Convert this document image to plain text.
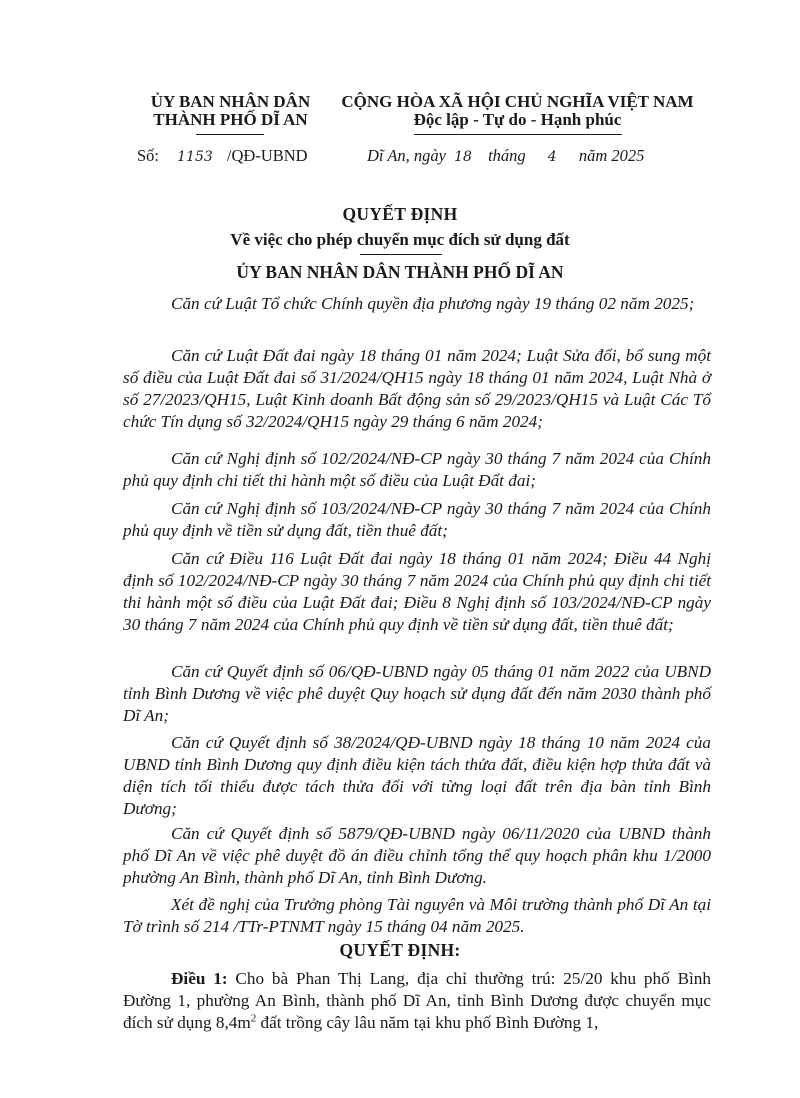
ỦY BAN NHÂN DÂN
THÀNH PHỐ DĨ AN
CỘNG HÒA XÃ HỘI CHỦ NGHĨA VIỆT NAM
Độc lập - Tự do - Hạnh phúc
Số: 1153 /QĐ-UBND	Dĩ An, ngày 18 tháng 4 năm 2025
QUYẾT ĐỊNH
Về việc cho phép chuyển mục đích sử dụng đất
ỦY BAN NHÂN DÂN THÀNH PHỐ DĨ AN
Căn cứ Luật Tổ chức Chính quyền địa phương ngày 19 tháng 02 năm 2025;
Căn cứ Luật Đất đai ngày 18 tháng 01 năm 2024; Luật Sửa đổi, bổ sung một số điều của Luật Đất đai số 31/2024/QH15 ngày 18 tháng 01 năm 2024, Luật Nhà ở số 27/2023/QH15, Luật Kinh doanh Bất động sản số 29/2023/QH15 và Luật Các Tổ chức Tín dụng số 32/2024/QH15 ngày 29 tháng 6 năm 2024;
Căn cứ Nghị định số 102/2024/NĐ-CP ngày 30 tháng 7 năm 2024 của Chính phủ quy định chi tiết thi hành một số điều của Luật Đất đai;
Căn cứ Nghị định số 103/2024/NĐ-CP ngày 30 tháng 7 năm 2024 của Chính phủ quy định về tiền sử dụng đất, tiền thuê đất;
Căn cứ Điều 116 Luật Đất đai ngày 18 tháng 01 năm 2024; Điều 44 Nghị định số 102/2024/NĐ-CP ngày 30 tháng 7 năm 2024 của Chính phủ quy định chi tiết thi hành một số điều của Luật Đất đai; Điều 8 Nghị định số 103/2024/NĐ-CP ngày 30 tháng 7 năm 2024 của Chính phủ quy định về tiền sử dụng đất, tiền thuê đất;
Căn cứ Quyết định số 06/QĐ-UBND ngày 05 tháng 01 năm 2022 của UBND tỉnh Bình Dương về việc phê duyệt Quy hoạch sử dụng đất đến năm 2030 thành phố Dĩ An;
Căn cứ Quyết định số 38/2024/QĐ-UBND ngày 18 tháng 10 năm 2024 của UBND tỉnh Bình Dương quy định điều kiện tách thửa đất, điều kiện hợp thửa đất và diện tích tối thiểu được tách thửa đối với từng loại đất trên địa bàn tỉnh Bình Dương;
Căn cứ Quyết định số 5879/QĐ-UBND ngày 06/11/2020 của UBND thành phố Dĩ An về việc phê duyệt đồ án điều chỉnh tổng thể quy hoạch phân khu 1/2000 phường An Bình, thành phố Dĩ An, tỉnh Bình Dương.
Xét đề nghị của Trưởng phòng Tài nguyên và Môi trường thành phố Dĩ An tại Tờ trình số 214 /TTr-PTNMT ngày 15 tháng 04 năm 2025.
QUYẾT ĐỊNH:
Điều 1: Cho bà Phan Thị Lang, địa chỉ thường trú: 25/20 khu phố Bình Đường 1, phường An Bình, thành phố Dĩ An, tỉnh Bình Dương được chuyển mục đích sử dụng $8,4m^2$ đất trồng cây lâu năm tại khu phố Bình Đường 1,
